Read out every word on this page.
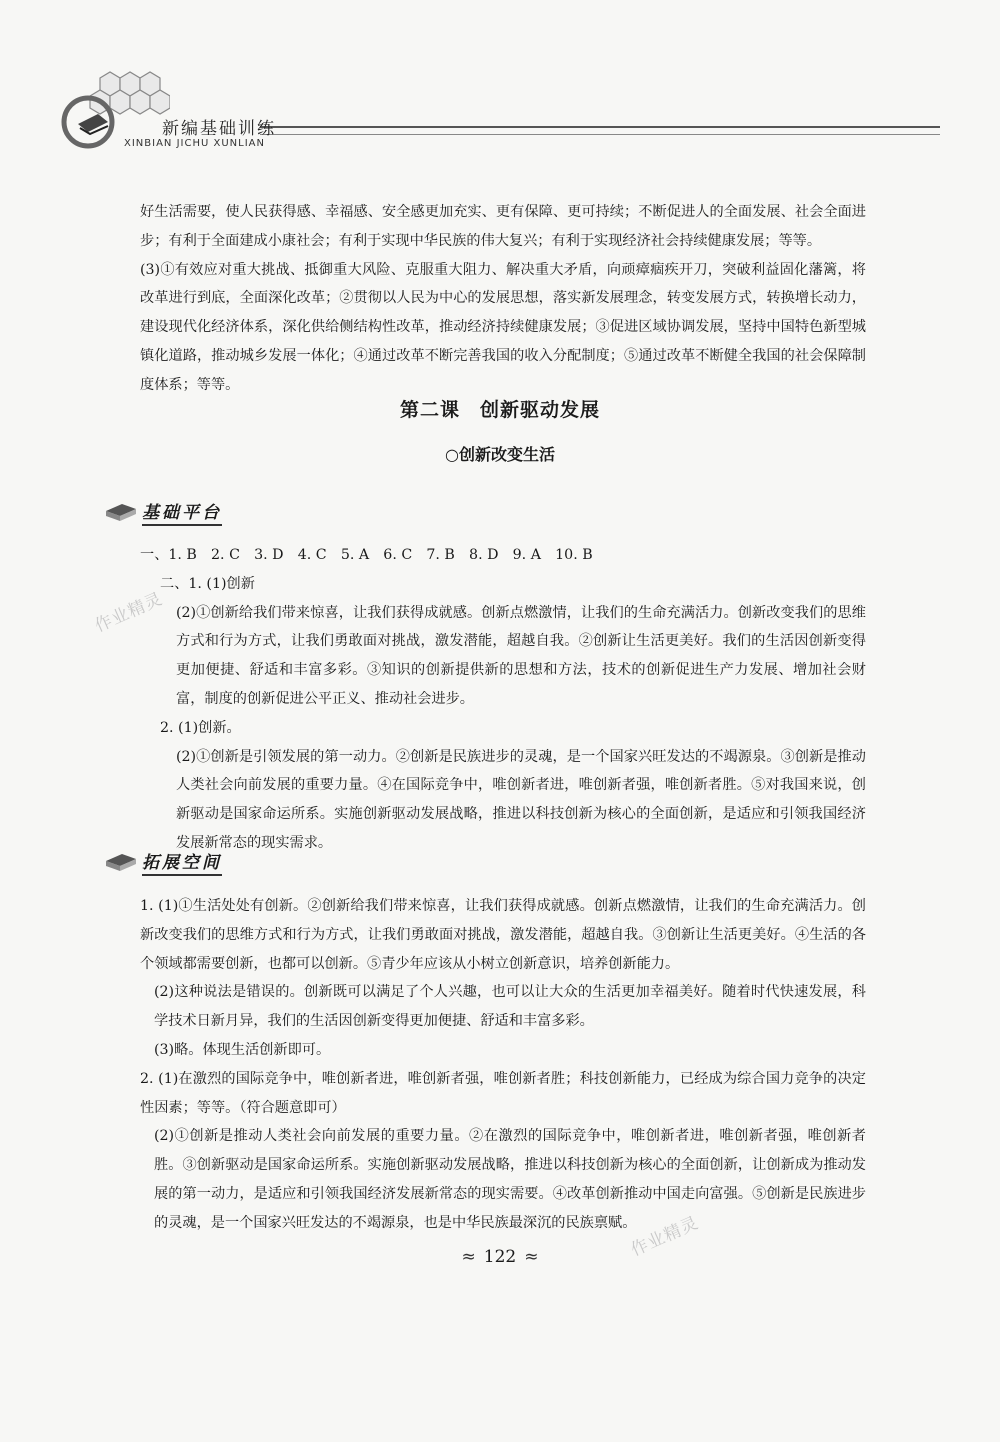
新编基础训练
XINBIAN JICHU XUNLIAN

好生活需要，使人民获得感、幸福感、安全感更加充实、更有保障、更可持续；不断促进人的全面发展、社会全面进步；有利于全面建成小康社会；有利于实现中华民族的伟大复兴；有利于实现经济社会持续健康发展；等等。

(3)①有效应对重大挑战、抵御重大风险、克服重大阻力、解决重大矛盾，向顽瘴痼疾开刀，突破利益固化藩篱，将改革进行到底，全面深化改革；②贯彻以人民为中心的发展思想，落实新发展理念，转变发展方式，转换增长动力，建设现代化经济体系，深化供给侧结构性改革，推动经济持续健康发展；③促进区域协调发展，坚持中国特色新型城镇化道路，推动城乡发展一体化；④通过改革不断完善我国的收入分配制度；⑤通过改革不断健全我国的社会保障制度体系；等等。

第二课　创新驱动发展
○创新改变生活
基础平台

一、1. B　2. C　3. D　4. C　5. A　6. C　7. B　8. D　9. A　10. B

二、1. (1)创新

(2)①创新给我们带来惊喜，让我们获得成就感。创新点燃激情，让我们的生命充满活力。创新改变我们的思维方式和行为方式，让我们勇敢面对挑战，激发潜能，超越自我。②创新让生活更美好。我们的生活因创新变得更加便捷、舒适和丰富多彩。③知识的创新提供新的思想和方法，技术的创新促进生产力发展、增加社会财富，制度的创新促进公平正义、推动社会进步。

2. (1)创新。

(2)①创新是引领发展的第一动力。②创新是民族进步的灵魂，是一个国家兴旺发达的不竭源泉。③创新是推动人类社会向前发展的重要力量。④在国际竞争中，唯创新者进，唯创新者强，唯创新者胜。⑤对我国来说，创新驱动是国家命运所系。实施创新驱动发展战略，推进以科技创新为核心的全面创新，是适应和引领我国经济发展新常态的现实需求。

拓展空间

1. (1)①生活处处有创新。②创新给我们带来惊喜，让我们获得成就感。创新点燃激情，让我们的生命充满活力。创新改变我们的思维方式和行为方式，让我们勇敢面对挑战，激发潜能，超越自我。③创新让生活更美好。④生活的各个领域都需要创新，也都可以创新。⑤青少年应该从小树立创新意识，培养创新能力。

(2)这种说法是错误的。创新既可以满足了个人兴趣，也可以让大众的生活更加幸福美好。随着时代快速发展，科学技术日新月异，我们的生活因创新变得更加便捷、舒适和丰富多彩。

(3)略。体现生活创新即可。

2. (1)在激烈的国际竞争中，唯创新者进，唯创新者强，唯创新者胜；科技创新能力，已经成为综合国力竞争的决定性因素；等等。（符合题意即可）

(2)①创新是推动人类社会向前发展的重要力量。②在激烈的国际竞争中，唯创新者进，唯创新者强，唯创新者胜。③创新驱动是国家命运所系。实施创新驱动发展战略，推进以科技创新为核心的全面创新，让创新成为推动发展的第一动力，是适应和引领我国经济发展新常态的现实需要。④改革创新推动中国走向富强。⑤创新是民族进步的灵魂，是一个国家兴旺发达的不竭源泉，也是中华民族最深沉的民族禀赋。

≈ 122 ≈
作业精灵
作业精灵
